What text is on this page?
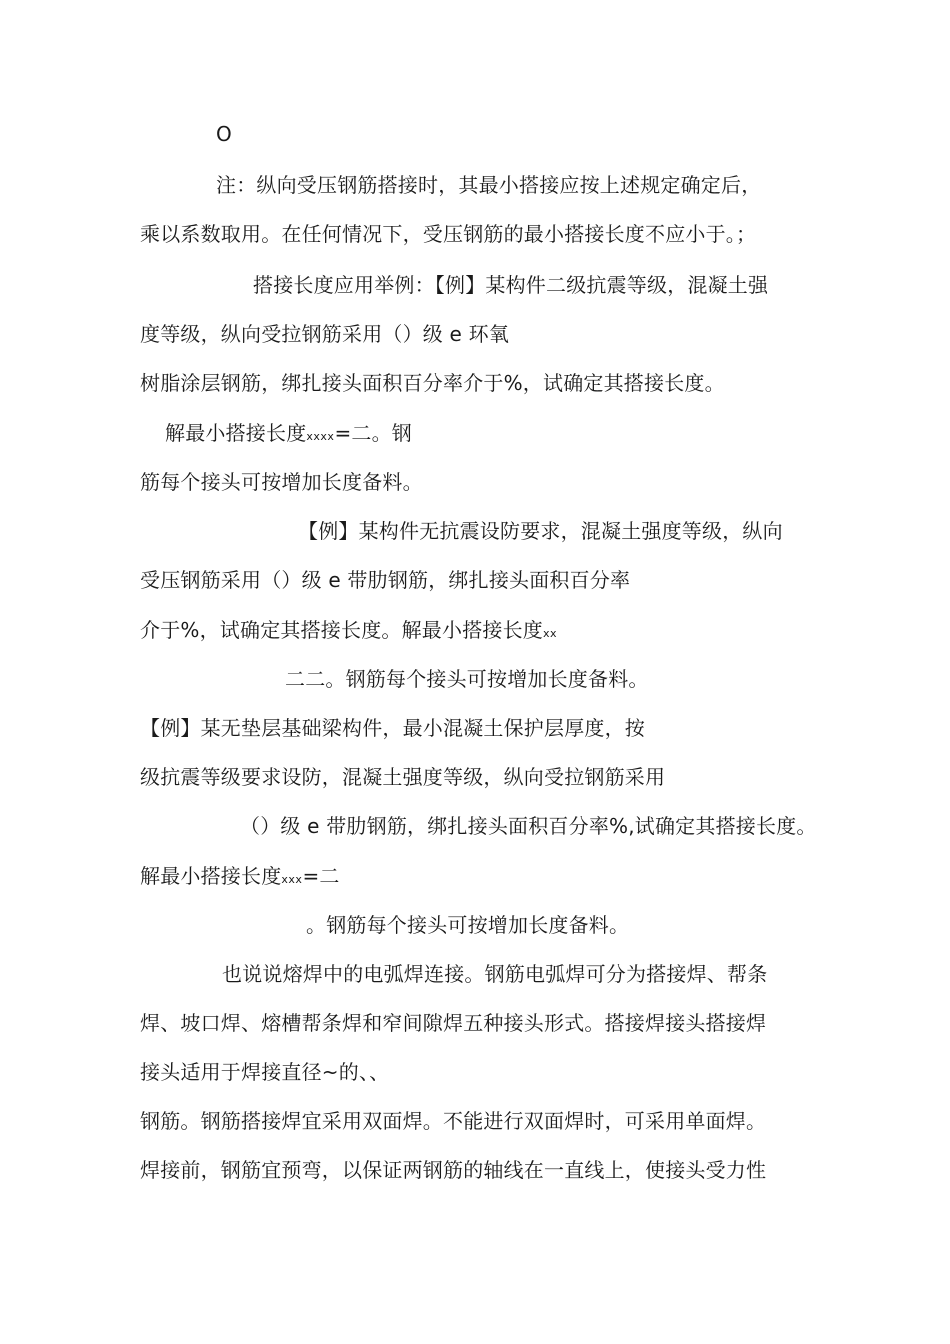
O
注：纵向受压钢筋搭接时，其最小搭接应按上述规定确定后，
乘以系数取用。在任何情况下，受压钢筋的最小搭接长度不应小于。；
搭接长度应用举例：【例】某构件二级抗震等级，混凝土强
度等级，纵向受拉钢筋采用（）级 e 环氧
树脂涂层钢筋，绑扎接头面积百分率介于%，试确定其搭接长度。
解最小搭接长度xxxx=二。钢
筋每个接头可按增加长度备料。
【例】某构件无抗震设防要求，混凝土强度等级，纵向
受压钢筋采用（）级 e 带肋钢筋，绑扎接头面积百分率
介于%，试确定其搭接长度。解最小搭接长度xx
二二。钢筋每个接头可按增加长度备料。
【例】某无垫层基础梁构件，最小混凝土保护层厚度，按
级抗震等级要求设防，混凝土强度等级，纵向受拉钢筋采用
（）级 e 带肋钢筋，绑扎接头面积百分率%,试确定其搭接长度。
解最小搭接长度xxx=二
。钢筋每个接头可按增加长度备料。
也说说熔焊中的电弧焊连接。钢筋电弧焊可分为搭接焊、帮条
焊、坡口焊、熔槽帮条焊和窄间隙焊五种接头形式。搭接焊接头搭接焊
接头适用于焊接直径~的、、
钢筋。钢筋搭接焊宜采用双面焊。不能进行双面焊时，可采用单面焊。
焊接前，钢筋宜预弯，以保证两钢筋的轴线在一直线上，使接头受力性
